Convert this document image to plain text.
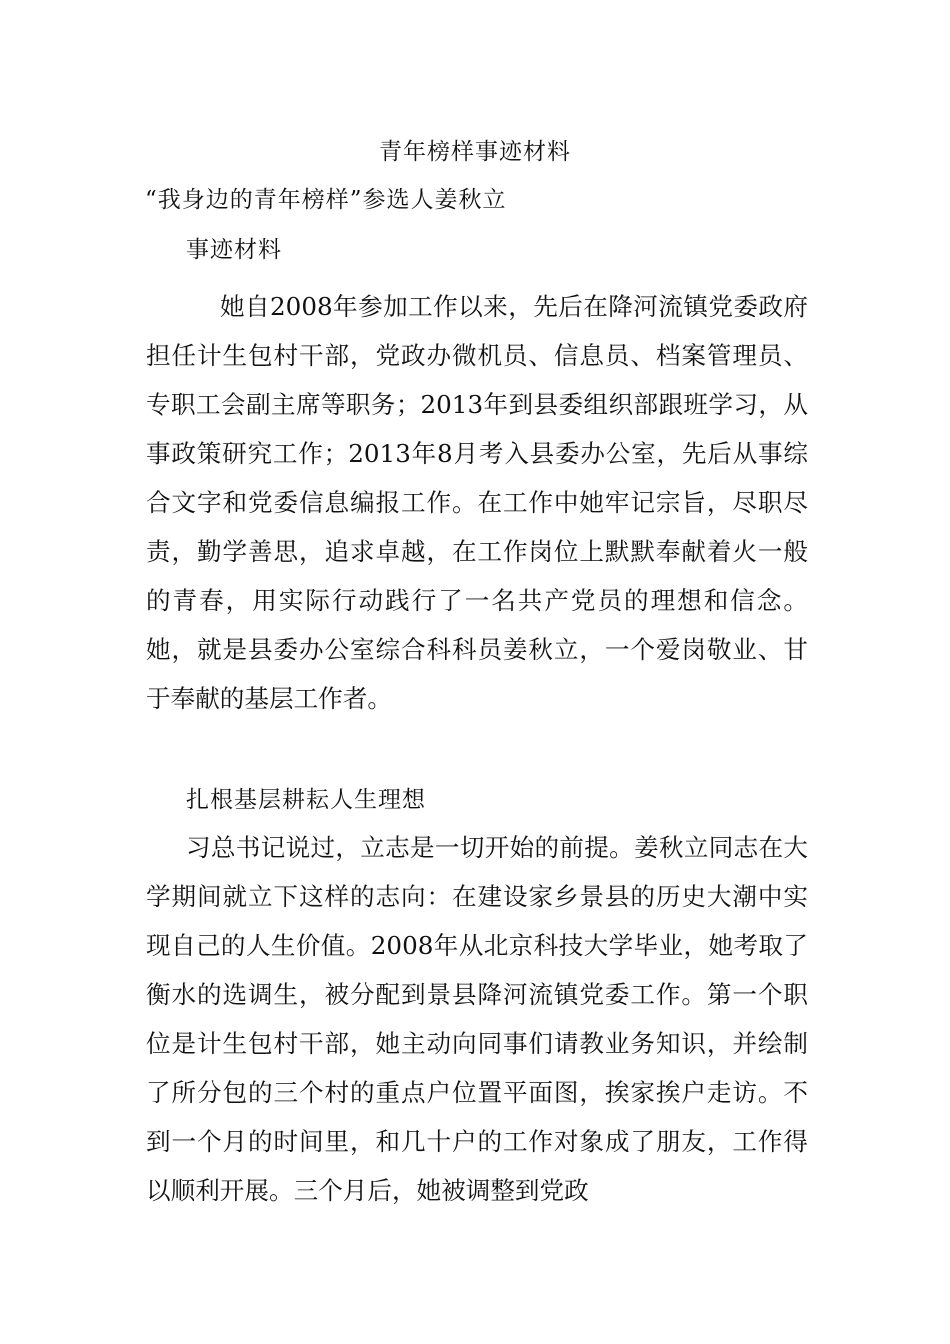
青年榜样事迹材料
“我身边的青年榜样”参选人姜秋立
事迹材料

她自2008年参加工作以来，先后在降河流镇党委政府担任计生包村干部，党政办微机员、信息员、档案管理员、专职工会副主席等职务；2013年到县委组织部跟班学习，从事政策研究工作；2013年8月考入县委办公室，先后从事综合文字和党委信息编报工作。在工作中她牢记宗旨，尽职尽责，勤学善思，追求卓越，在工作岗位上默默奉献着火一般的青春，用实际行动践行了一名共产党员的理想和信念。她，就是县委办公室综合科科员姜秋立，一个爱岗敬业、甘于奉献的基层工作者。

扎根基层耕耘人生理想

习总书记说过，立志是一切开始的前提。姜秋立同志在大学期间就立下这样的志向：在建设家乡景县的历史大潮中实现自己的人生价值。2008年从北京科技大学毕业，她考取了衡水的选调生，被分配到景县降河流镇党委工作。第一个职位是计生包村干部，她主动向同事们请教业务知识，并绘制了所分包的三个村的重点户位置平面图，挨家挨户走访。不到一个月的时间里，和几十户的工作对象成了朋友，工作得以顺利开展。三个月后，她被调整到党政
